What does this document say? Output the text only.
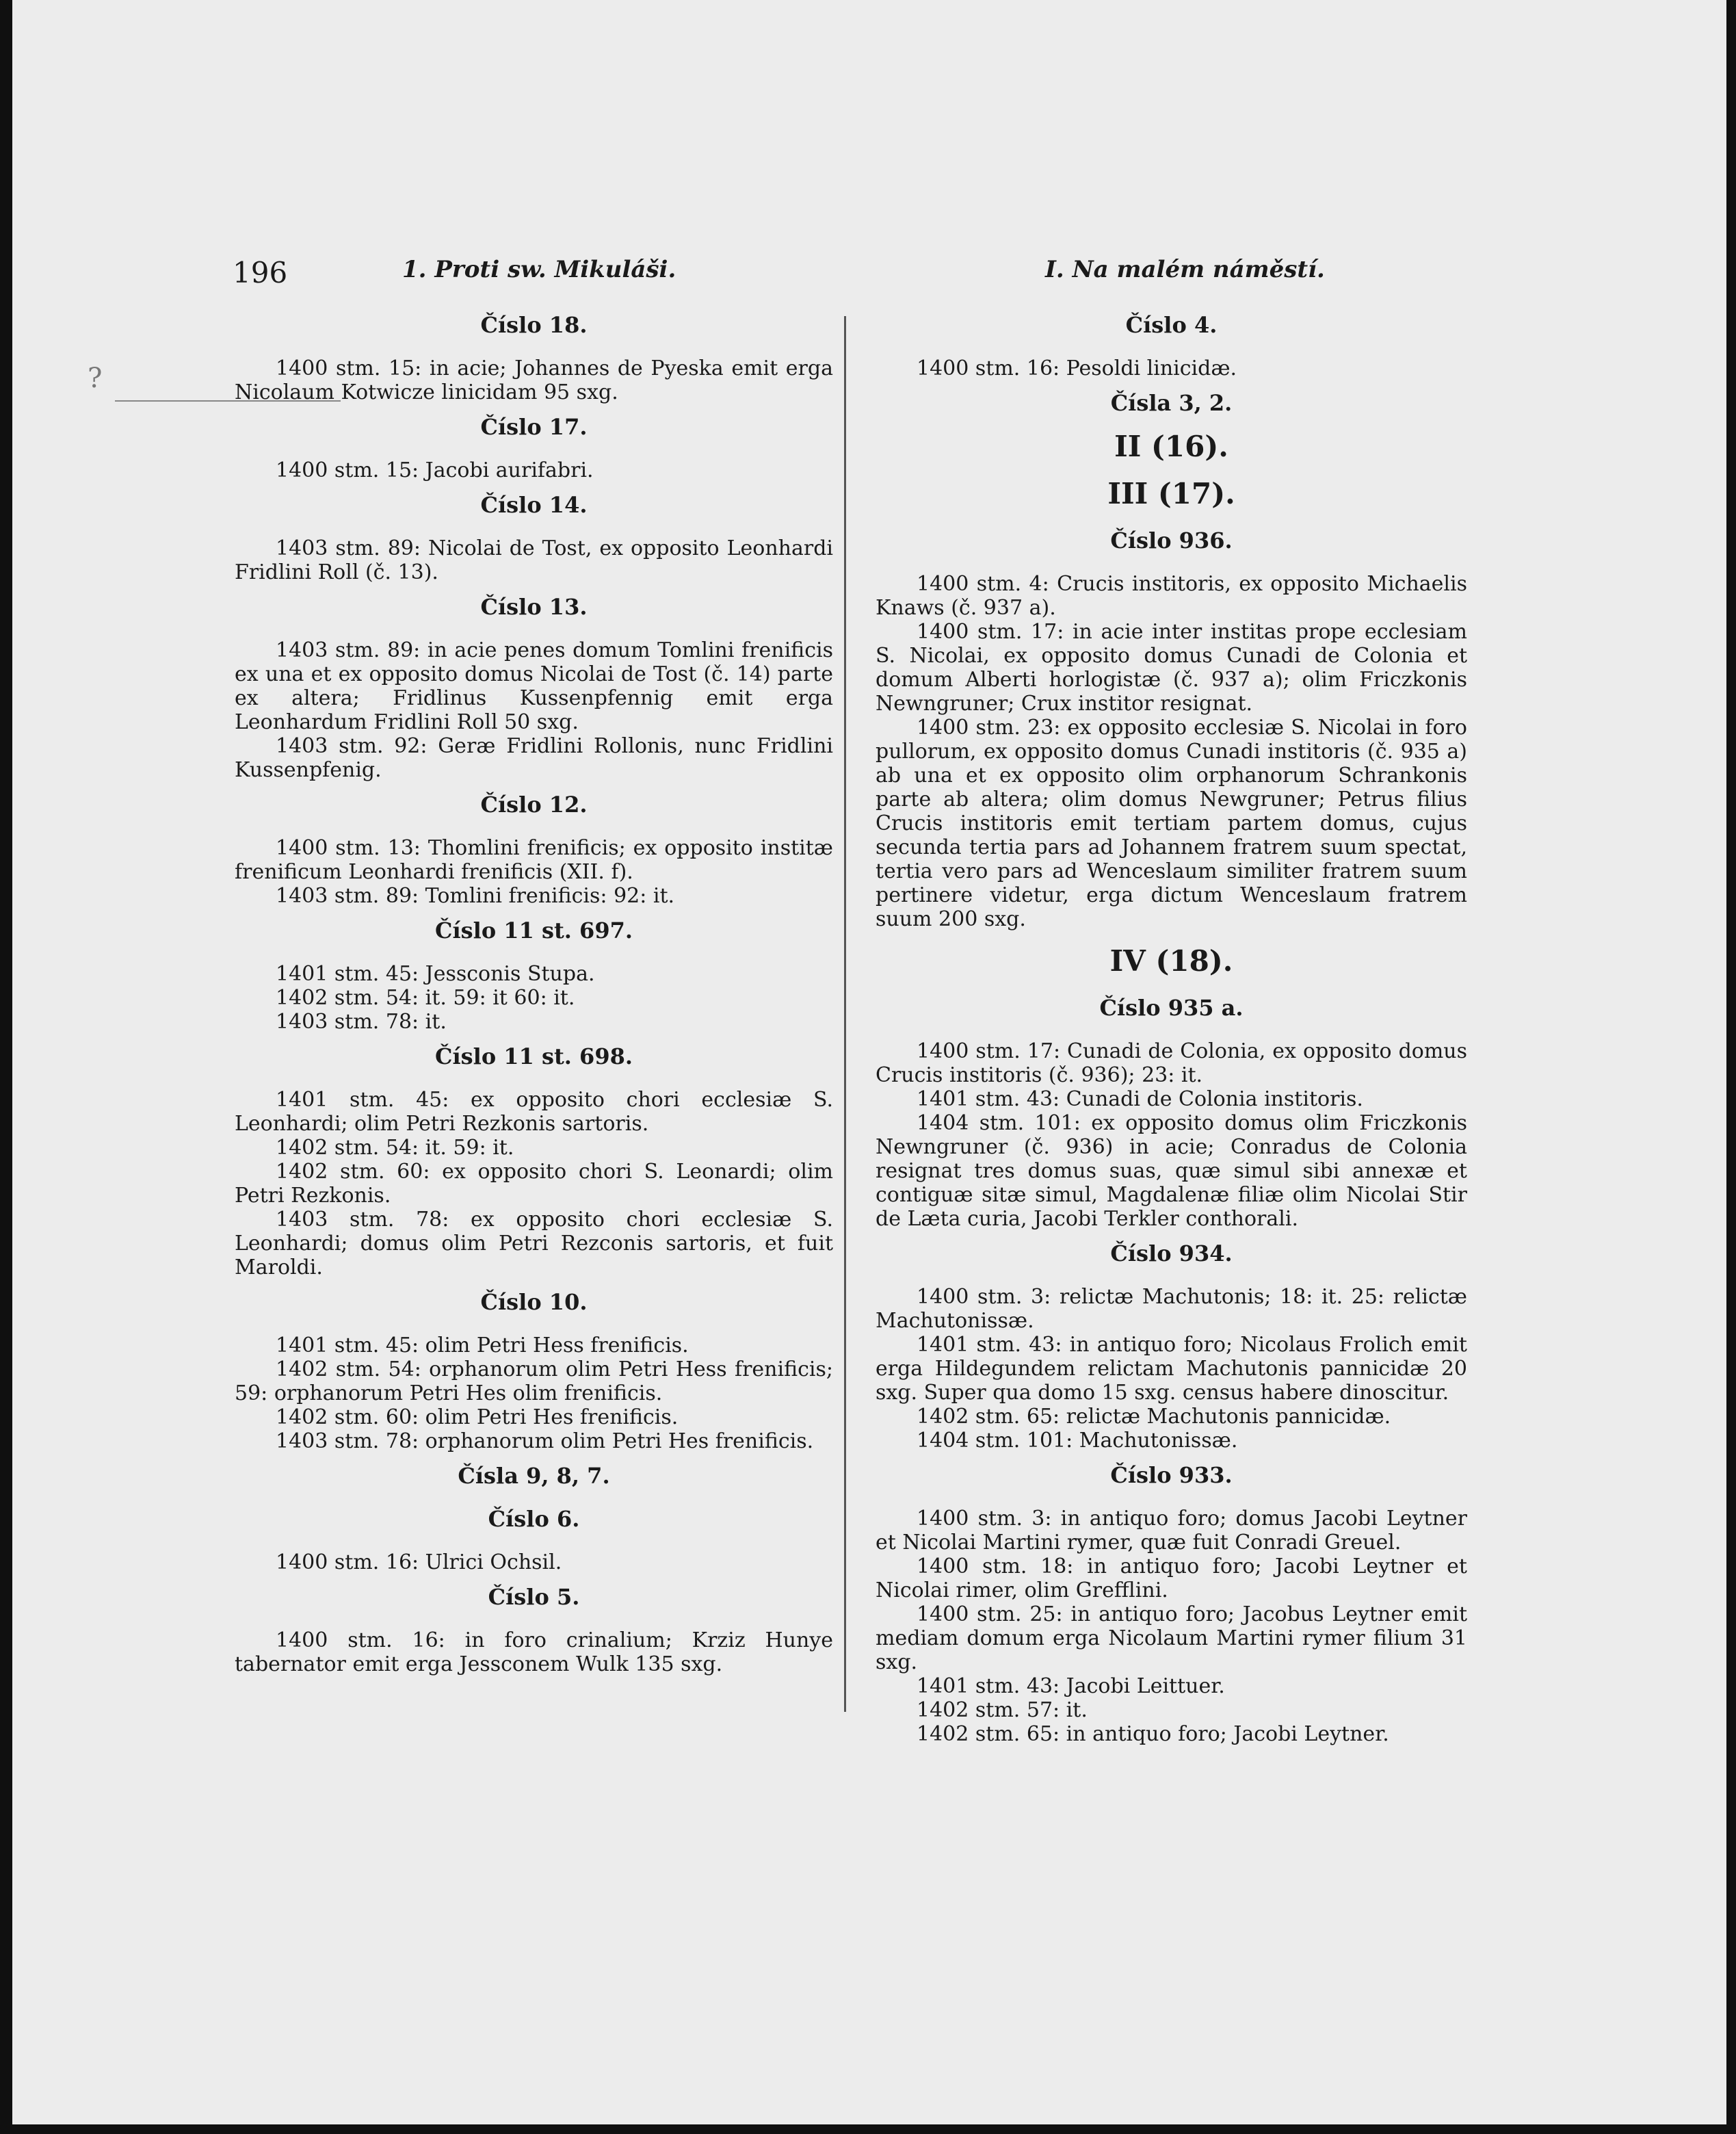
?
196	1. Proti sw. Mikuláši.	I. Na malém náměstí.
Číslo 18.
1400 stm. 15: in acie; Johannes de Pyeska emit erga Nicolaum Kotwicze linicidam 95 sxg.
Číslo 17.
1400 stm. 15: Jacobi aurifabri.
Číslo 14.
1403 stm. 89: Nicolai de Tost, ex opposito Leonhardi Fridlini Roll (č. 13).
Číslo 13.
1403 stm. 89: in acie penes domum Tomlini frenificis ex una et ex opposito domus Nicolai de Tost (č. 14) parte ex altera; Fridlinus Kussenpfennig emit erga Leonhardum Fridlini Roll 50 sxg.
1403 stm. 92: Geræ Fridlini Rollonis, nunc Fridlini Kussenpfenig.
Číslo 12.
1400 stm. 13: Thomlini frenificis; ex opposito institæ frenificum Leonhardi frenificis (XII. f).
1403 stm. 89: Tomlini frenificis: 92: it.
Číslo 11 st. 697.
1401 stm. 45: Jessconis Stupa.
1402 stm. 54: it. 59: it 60: it.
1403 stm. 78: it.
Číslo 11 st. 698.
1401 stm. 45: ex opposito chori ecclesiæ S. Leonhardi; olim Petri Rezkonis sartoris.
1402 stm. 54: it. 59: it.
1402 stm. 60: ex opposito chori S. Leonardi; olim Petri Rezkonis.
1403 stm. 78: ex opposito chori ecclesiæ S. Leonhardi; domus olim Petri Rezconis sartoris, et fuit Maroldi.
Číslo 10.
1401 stm. 45: olim Petri Hess frenificis.
1402 stm. 54: orphanorum olim Petri Hess frenificis; 59: orphanorum Petri Hes olim frenificis.
1402 stm. 60: olim Petri Hes frenificis.
1403 stm. 78: orphanorum olim Petri Hes frenificis.
Čísla 9, 8, 7.
Číslo 6.
1400 stm. 16: Ulrici Ochsil.
Číslo 5.
1400 stm. 16: in foro crinalium; Krziz Hunye tabernator emit erga Jessconem Wulk 135 sxg.
Číslo 4.
1400 stm. 16: Pesoldi linicidæ.
Čísla 3, 2.
II (16).
III (17).
Číslo 936.
1400 stm. 4: Crucis institoris, ex opposito Michaelis Knaws (č. 937 a).
1400 stm. 17: in acie inter institas prope ecclesiam S. Nicolai, ex opposito domus Cunadi de Colonia et domum Alberti horlogistæ (č. 937 a); olim Friczkonis Newngruner; Crux institor resignat.
1400 stm. 23: ex opposito ecclesiæ S. Nicolai in foro pullorum, ex opposito domus Cunadi institoris (č. 935 a) ab una et ex opposito olim orphanorum Schrankonis parte ab altera; olim domus Newgruner; Petrus filius Crucis institoris emit tertiam partem domus, cujus secunda tertia pars ad Johannem fratrem suum spectat, tertia vero pars ad Wenceslaum similiter fratrem suum pertinere videtur, erga dictum Wenceslaum fratrem suum 200 sxg.
IV (18).
Číslo 935 a.
1400 stm. 17: Cunadi de Colonia, ex opposito domus Crucis institoris (č. 936); 23: it.
1401 stm. 43: Cunadi de Colonia institoris.
1404 stm. 101: ex opposito domus olim Friczkonis Newngruner (č. 936) in acie; Conradus de Colonia resignat tres domus suas, quæ simul sibi annexæ et contiguæ sitæ simul, Magdalenæ filiæ olim Nicolai Stir de Læta curia, Jacobi Terkler conthorali.
Číslo 934.
1400 stm. 3: relictæ Machutonis; 18: it. 25: relictæ Machutonissæ.
1401 stm. 43: in antiquo foro; Nicolaus Frolich emit erga Hildegundem relictam Machutonis pannicidæ 20 sxg. Super qua domo 15 sxg. census habere dinoscitur.
1402 stm. 65: relictæ Machutonis pannicidæ.
1404 stm. 101: Machutonissæ.
Číslo 933.
1400 stm. 3: in antiquo foro; domus Jacobi Leytner et Nicolai Martini rymer, quæ fuit Conradi Greuel.
1400 stm. 18: in antiquo foro; Jacobi Leytner et Nicolai rimer, olim Grefflini.
1400 stm. 25: in antiquo foro; Jacobus Leytner emit mediam domum erga Nicolaum Martini rymer filium 31 sxg.
1401 stm. 43: Jacobi Leittuer.
1402 stm. 57: it.
1402 stm. 65: in antiquo foro; Jacobi Leytner.
